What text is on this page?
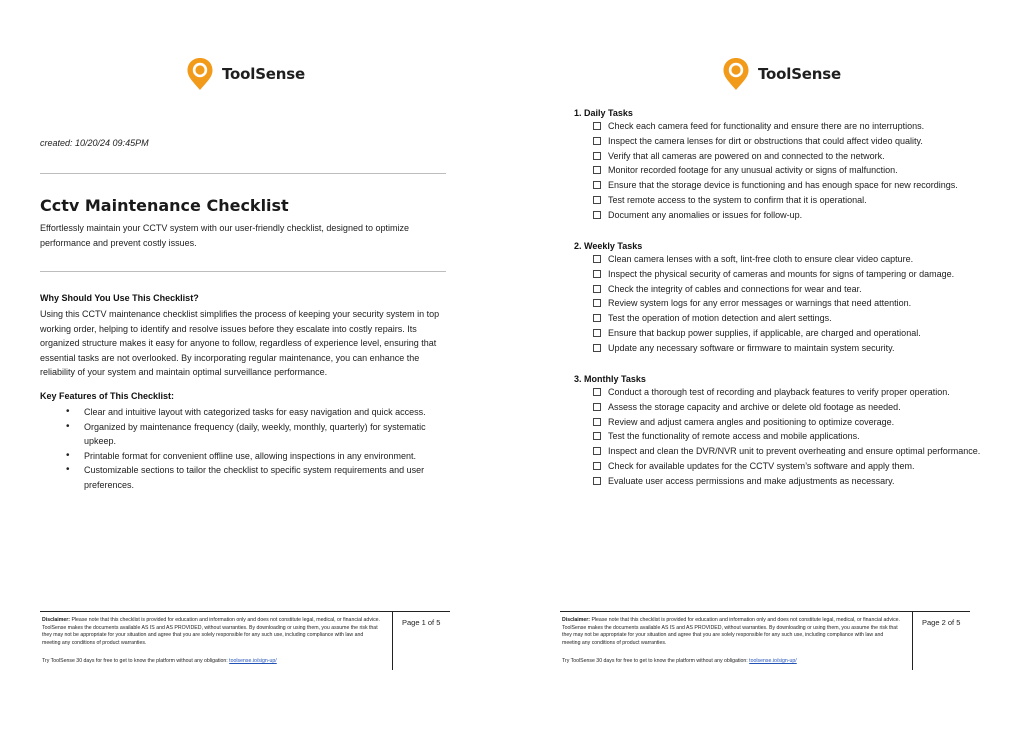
ToolSense
created: 10/20/24 09:45PM
Cctv Maintenance Checklist

Effortlessly maintain your CCTV system with our user-friendly checklist, designed to optimize performance and prevent costly issues.

Why Should You Use This Checklist?

Using this CCTV maintenance checklist simplifies the process of keeping your security system in top working order, helping to identify and resolve issues before they escalate into costly repairs. Its organized structure makes it easy for anyone to follow, regardless of experience level, ensuring that essential tasks are not overlooked. By incorporating regular maintenance, you can enhance the reliability of your system and maintain optimal surveillance performance.

Key Features of This Checklist:
• Clear and intuitive layout with categorized tasks for easy navigation and quick access.
• Organized by maintenance frequency (daily, weekly, monthly, quarterly) for systematic upkeep.
• Printable format for convenient offline use, allowing inspections in any environment.
• Customizable sections to tailor the checklist to specific system requirements and user preferences.
Disclaimer: Please note that this checklist is provided for education and information only and does not constitute legal, medical, or financial advice. ToolSense makes the documents available AS IS and AS PROVIDED, without warranties. By downloading or using them, you assume the risk that they may not be appropriate for your situation and agree that you are solely responsible for any such use, including compliance with law and meeting any conditions of product warranties.
Try ToolSense 30 days for free to get to know the platform without any obligation: toolsense.io/sign-up/
Page 1 of 5
ToolSense
1. Daily Tasks
Check each camera feed for functionality and ensure there are no interruptions.
Inspect the camera lenses for dirt or obstructions that could affect video quality.
Verify that all cameras are powered on and connected to the network.
Monitor recorded footage for any unusual activity or signs of malfunction.
Ensure that the storage device is functioning and has enough space for new recordings.
Test remote access to the system to confirm that it is operational.
Document any anomalies or issues for follow-up.
2. Weekly Tasks
Clean camera lenses with a soft, lint-free cloth to ensure clear video capture.
Inspect the physical security of cameras and mounts for signs of tampering or damage.
Check the integrity of cables and connections for wear and tear.
Review system logs for any error messages or warnings that need attention.
Test the operation of motion detection and alert settings.
Ensure that backup power supplies, if applicable, are charged and operational.
Update any necessary software or firmware to maintain system security.
3. Monthly Tasks
Conduct a thorough test of recording and playback features to verify proper operation.
Assess the storage capacity and archive or delete old footage as needed.
Review and adjust camera angles and positioning to optimize coverage.
Test the functionality of remote access and mobile applications.
Inspect and clean the DVR/NVR unit to prevent overheating and ensure optimal performance.
Check for available updates for the CCTV system’s software and apply them.
Evaluate user access permissions and make adjustments as necessary.
Disclaimer: Please note that this checklist is provided for education and information only and does not constitute legal, medical, or financial advice. ToolSense makes the documents available AS IS and AS PROVIDED, without warranties. By downloading or using them, you assume the risk that they may not be appropriate for your situation and agree that you are solely responsible for any such use, including compliance with law and meeting any conditions of product warranties.
Try ToolSense 30 days for free to get to know the platform without any obligation: toolsense.io/sign-up/
Page 2 of 5
